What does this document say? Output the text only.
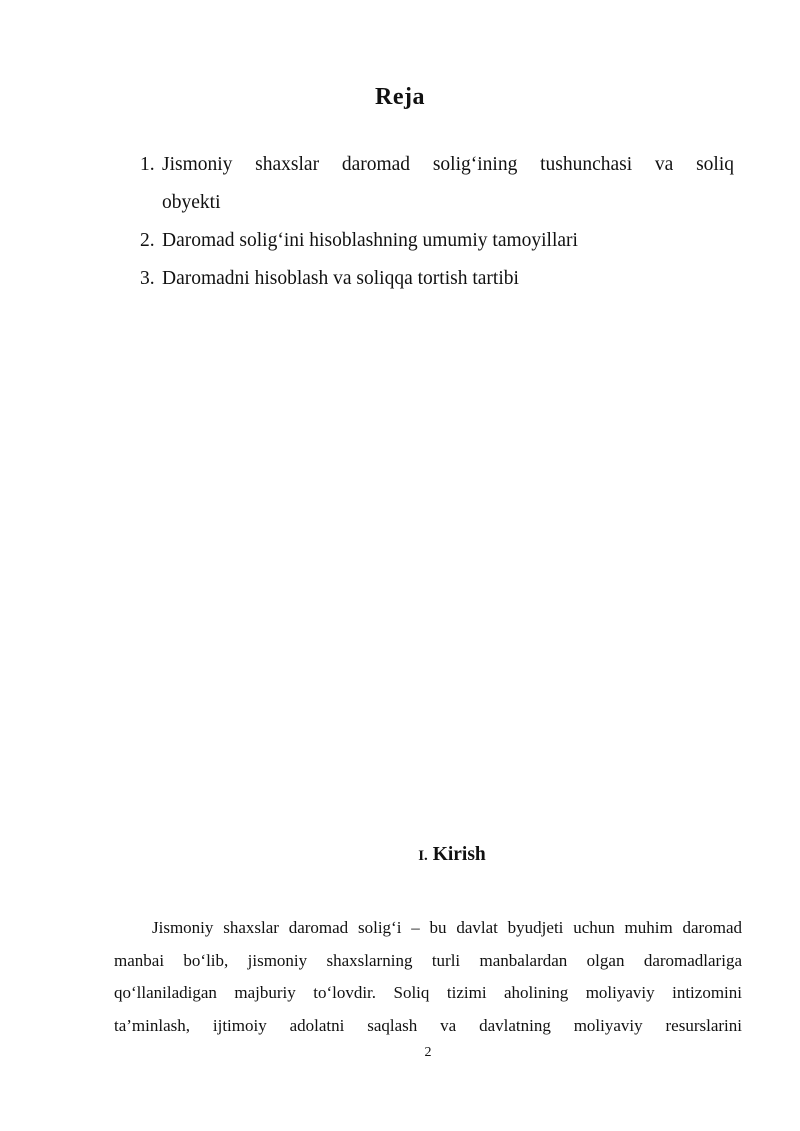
Reja
1. Jismoniy shaxslar daromad solig‘ining tushunchasi va soliq
obyekti
2. Daromad solig‘ini hisoblashning umumiy tamoyillari
3. Daromadni hisoblash va soliqqa tortish tartibi
I. Kirish
Jismoniy shaxslar daromad solig‘i – bu davlat byudjeti uchun muhim daromad
manbai bo‘lib, jismoniy shaxslarning turli manbalardan olgan daromadlariga
qo‘llaniladigan majburiy to‘lovdir. Soliq tizimi aholining moliyaviy intizomini
ta’minlash, ijtimoiy adolatni saqlash va davlatning moliyaviy resurslarini
2
